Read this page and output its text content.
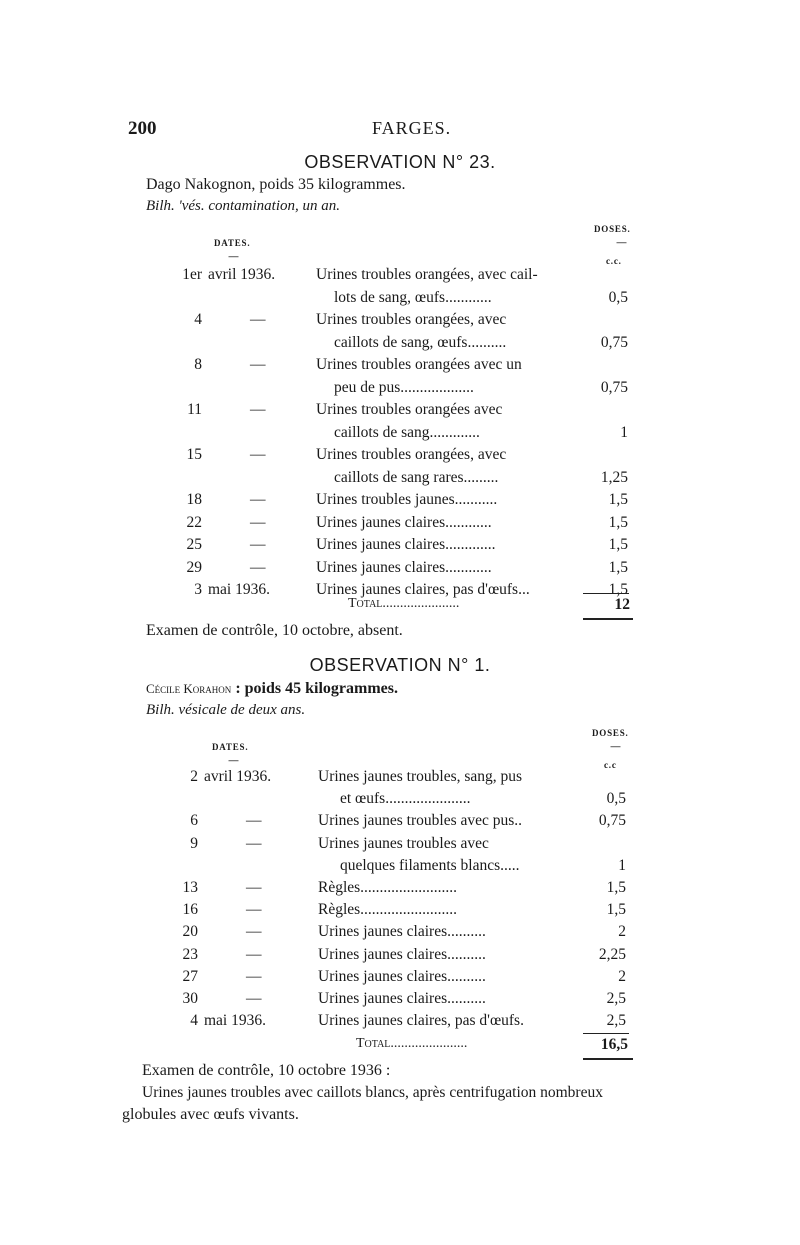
200	FARGES.
OBSERVATION N° 23.
Dago Nakognon, poids 35 kilogrammes.
Bilh. 'vés. contamination, un an.
DOSES.
DATES.	—
—	c.c.
1er avril 1936.	Urines troubles orangées, avec cail-
lots de sang, œufs............	0,5
4	—	Urines troubles orangées, avec
caillots de sang, œufs..........	0,75
8	—	Urines troubles orangées avec un
peu de pus...................	0,75
11	—	Urines troubles orangées avec
caillots de sang.............	1
15	—	Urines troubles orangées, avec
caillots de sang rares.........	1,25
18	—	Urines troubles jaunes...........	1,5
22	—	Urines jaunes claires............	1,5
25	—	Urines jaunes claires.............	1,5
29	—	Urines jaunes claires............	1,5
3 mai 1936.	Urines jaunes claires, pas d'œufs...	1,5
Total......................	12
Examen de contrôle, 10 octobre, absent.
OBSERVATION N° 1.
Cécile Korahon : poids 45 kilogrammes.
Bilh. vésicale de deux ans.
DOSES.
DATES.	—
—	c.c
2 avril 1936.	Urines jaunes troubles, sang, pus
et œufs......................	0,5
6	—	Urines jaunes troubles avec pus..	0,75
9	—	Urines jaunes troubles avec
quelques filaments blancs.....	1
13	—	Règles.........................	1,5
16	—	Règles.........................	1,5
20	—	Urines jaunes claires..........	2
23	—	Urines jaunes claires..........	2,25
27	—	Urines jaunes claires..........	2
30	—	Urines jaunes claires..........	2,5
4 mai 1936.	Urines jaunes claires, pas d'œufs.	2,5
Total......................	16,5
Examen de contrôle, 10 octobre 1936 :
Urines jaunes troubles avec caillots blancs, après centrifugation nombreux
globules avec œufs vivants.
